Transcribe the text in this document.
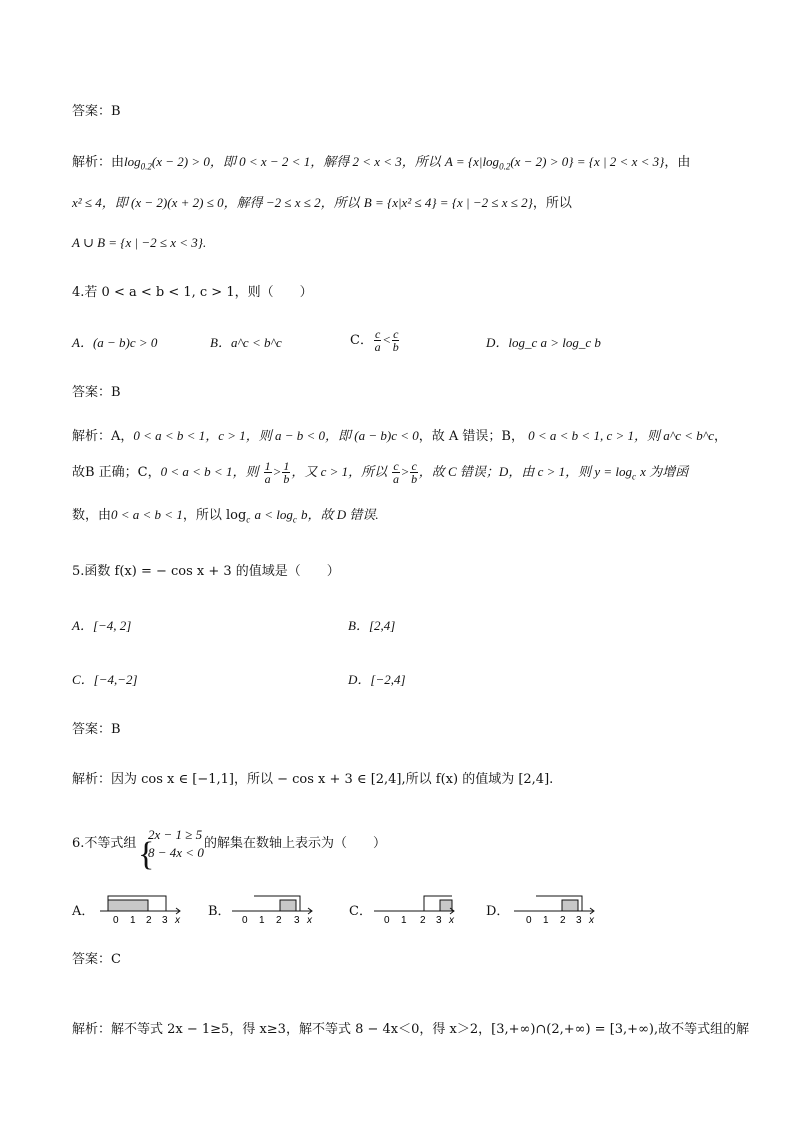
答案：B
解析：由$\log_{0.2}(x - 2) > 0$，即 0 < x − 2 < 1，解得 2 < x < 3，所以 $A = \{x|\log_{0.2}(x - 2) > 0\} = \{x$ | 2 < x < 3}，由
x² ≤ 4，即 (x − 2)(x + 2) ≤ 0，解得 −2 ≤ x ≤ 2，所以 B = {x|x² ≤ 4} = {x | −2 ≤ x ≤ 2}，所以
A ∪ B = {x | −2 ≤ x < 3}.
4.若 0 < a < b < 1, c > 1，则（　　）
A．(a − b)c > 0	B．a^c < b^c	C． $\frac{c}{a} < \frac{c}{b}$	D．log_c a > log_c b
答案：B
解析：A，0 < a < b < 1，c > 1，则 a − b < 0，即 (a − b)c < 0，故 A 错误；B， 0 < a < b < 1, c > 1，则 a^c < b^c，
故B 正确；C，0 < a < b < 1，则 $\frac{1}{a} > \frac{1}{b}$ ，又 c > 1，所以 $\frac{c}{a} > \frac{c}{b}$ ，故 C 错误；D，由 c > 1，则 $y = \log_c x$ 为增函
数，由0 < a < b < 1，所以 $\log_c a < \log_c b$，故 D 错误.
5.函数 f(x) = − cos x + 3 的值域是（　　）
A．[−4, 2]	B．[2,4]
C．[−4,−2]	D．[−2,4]
答案：B
解析：因为 cos x ∈ [−1,1]，所以 − cos x + 3 ∈ [2,4],所以 f(x) 的值域为 [2,4].
6.不等式组 {
2x − 1 ≥ 5
8 − 4x < 0
的解集在数轴上表示为（　　）
A．
0 1 2 3 x
B．
0 1 2 3 x
C．
0 1 2 3 x
D．
0 1 2 3 x
答案：C
解析：解不等式 2x − 1≥5，得 x≥3，解不等式 8 − 4x＜0，得 x＞2，[3,+∞)∩(2,+∞) = [3,+∞),故不等式组的解
